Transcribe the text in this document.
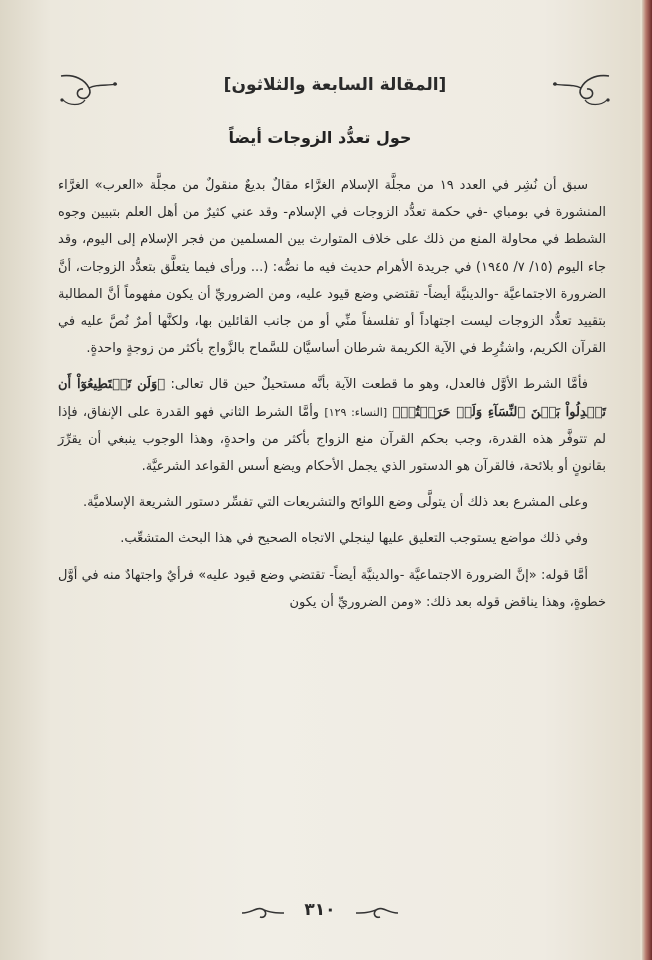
[المقالة السابعة والثلاثون]
حول تعدُّد الزوجات أيضاً

سبق أن نُشِر في العدد ١٩ من مجلَّة الإسلام الغرَّاء مقالٌ بديعٌ منقولٌ من مجلَّة «العرب» الغرَّاء المنشورة في بومباي -في حكمة تعدُّد الزوجات في الإسلام- وقد عني كثيرٌ من أهل العلم بتبيين وجوه الشطط في محاولة المنع من ذلك على خلاف المتوارث بين المسلمين من فجر الإسلام إلى اليوم، وقد جاء اليوم (١٥/ ٧/ ١٩٤٥) في جريدة الأهرام حديث فيه ما نصُّه: (... ورأى فيما يتعلَّق بتعدُّد الزوجات، أنَّ الضرورة الاجتماعيَّة -والدينيَّة أيضاً- تقتضي وضع قيود عليه، ومن الضروريِّ أن يكون مفهوماً أنَّ المطالبة بتقييد تعدُّد الزوجات ليست اجتهاداً أو تفلسفاً منِّي أو من جانب القائلين بها، ولكنَّها أمرٌ نُصَّ عليه في القرآن الكريم، واشتُرِط في الآية الكريمة شرطان أساسيَّان للسَّماح بالزَّواج بأكثر من زوجةٍ واحدةٍ.

فأمَّا الشرط الأوَّل فالعدل، وهو ما قطعت الآية بأنَّه مستحيلٌ حين قال تعالى: ﴿وَلَن تَسۡتَطِيعُوٓاْ أَن تَعۡدِلُواْ بَيۡنَ ٱلنِّسَآءِ وَلَوۡ حَرَصۡتُمۡ﴾ [النساء: ١٢٩] وأمَّا الشرط الثاني فهو القدرة على الإنفاق، فإذا لم تتوفَّر هذه القدرة، وجب بحكم القرآن منع الزواج بأكثر من واحدةٍ، وهذا الوجوب ينبغي أن يقرِّرَ بقانونٍ أو بلائحة، فالقرآن هو الدستور الذي يجمل الأحكام ويضع أسس القواعد الشرعيَّة.

وعلى المشرع بعد ذلك أن يتولَّى وضع اللوائح والتشريعات التي تفسِّر دستور الشريعة الإسلاميَّة.

وفي ذلك مواضع يستوجب التعليق عليها لينجلي الاتجاه الصحيح في هذا البحث المتشعِّب.

أمَّا قوله: «إنَّ الضرورة الاجتماعيَّة -والدينيَّة أيضاً- تقتضي وضع قيود عليه» فرأيٌ واجتهادٌ منه في أوَّل خطوةٍ، وهذا يناقض قوله بعد ذلك: «ومن الضروريِّ أن يكون

٣١٠
